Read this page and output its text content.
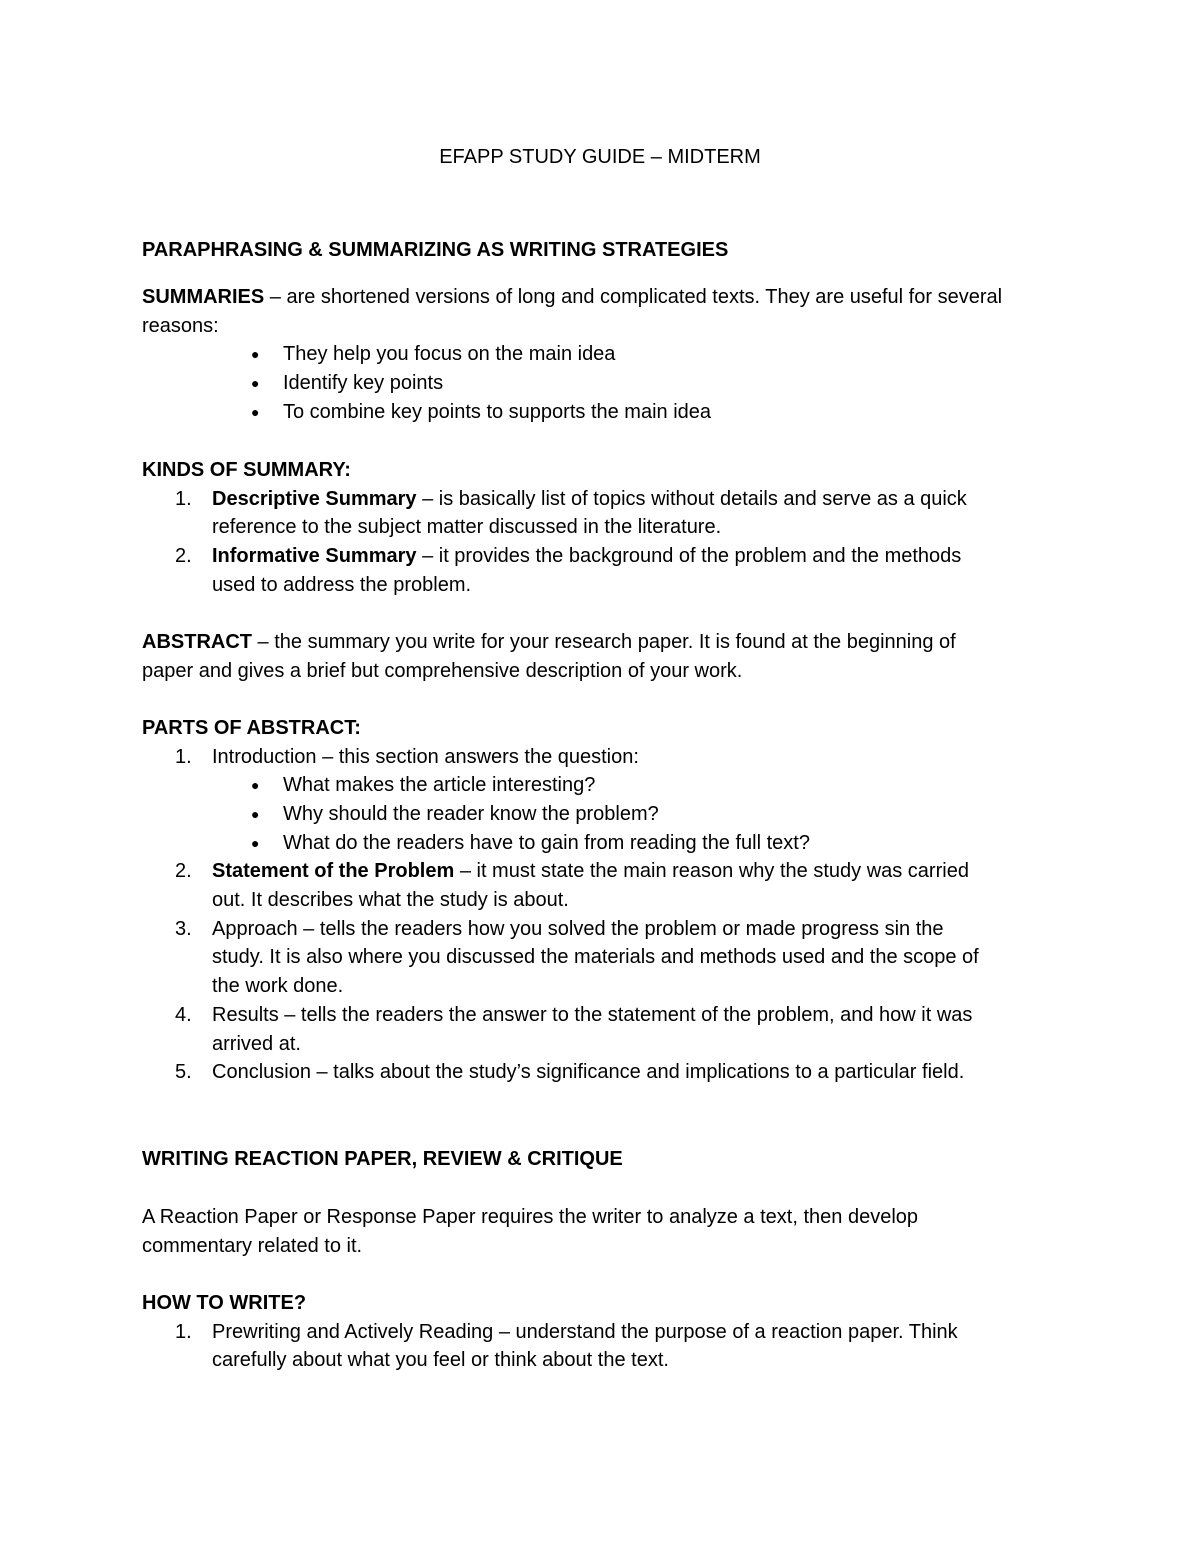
EFAPP STUDY GUIDE – MIDTERM
PARAPHRASING & SUMMARIZING AS WRITING STRATEGIES
SUMMARIES – are shortened versions of long and complicated texts. They are useful for several
reasons:
● They help you focus on the main idea
● Identify key points
● To combine key points to supports the main idea
KINDS OF SUMMARY:
1. Descriptive Summary – is basically list of topics without details and serve as a quick
reference to the subject matter discussed in the literature.
2. Informative Summary – it provides the background of the problem and the methods
used to address the problem.
ABSTRACT – the summary you write for your research paper. It is found at the beginning of
paper and gives a brief but comprehensive description of your work.
PARTS OF ABSTRACT:
1. Introduction – this section answers the question:
● What makes the article interesting?
● Why should the reader know the problem?
● What do the readers have to gain from reading the full text?
2. Statement of the Problem – it must state the main reason why the study was carried
out. It describes what the study is about.
3. Approach – tells the readers how you solved the problem or made progress sin the
study. It is also where you discussed the materials and methods used and the scope of
the work done.
4. Results – tells the readers the answer to the statement of the problem, and how it was
arrived at.
5. Conclusion – talks about the study’s significance and implications to a particular field.
WRITING REACTION PAPER, REVIEW & CRITIQUE
A Reaction Paper or Response Paper requires the writer to analyze a text, then develop
commentary related to it.
HOW TO WRITE?
1. Prewriting and Actively Reading – understand the purpose of a reaction paper. Think
carefully about what you feel or think about the text.
